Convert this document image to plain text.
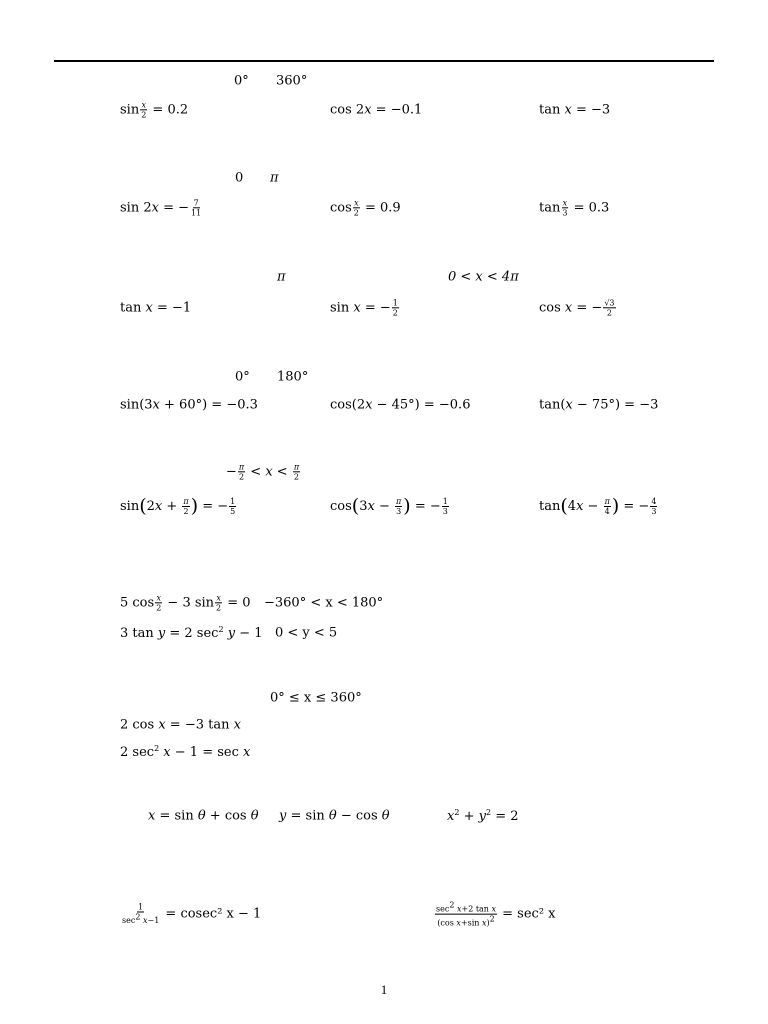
0° 360°
$\sin \frac{x}{2} = 0.2$	cos 2x = −0.1	tan x = −3
0 π
sin 2x = − $\frac{7}{11}$	$\cos \frac{x}{2} = 0.9$	$\tan \frac{x}{3} = 0.3$
π	0 < x < 4π
tan x = −1	sin x = − $\frac{1}{2}$	cos x = − $\frac{√3}{2}$
0° 180°
sin(3x + 60°) = −0.3	cos(2x − 45°) = −0.6	tan(x − 75°) = −3
− $\frac{\pi}{2} < x < \frac{\pi}{2}$
$\sin(2x + \frac{\pi}{2}$ ) = − $\frac{1}{5}$	$\cos(3x - \frac{\pi}{3}$ ) = − $\frac{1}{3}$	$\tan(4x - \frac{\pi}{4}$ ) = − $\frac{4}{3}$
5 $\cos \frac{x}{2} - 3$ $\sin \frac{x}{2} = 0 -360^\circ < x < 180^\circ$
3 tan y = 2 $\sec^2 y - 1$ 0 < y < 5
0° ≤ x ≤ 360°
2 cos x = −3 tan x
2 $\sec^2 x - 1 = \sec x$
x = sin θ + cos θ y = sin θ − cos θ	$x^2 + y^2 = 2$
$\frac{1}{\sec^2 x-1} = cosec^2$ x − 1	$\frac{\sec^2 x+2 \tan x}{(\cos x+\sin x)^2} = \sec^2$ x
1
